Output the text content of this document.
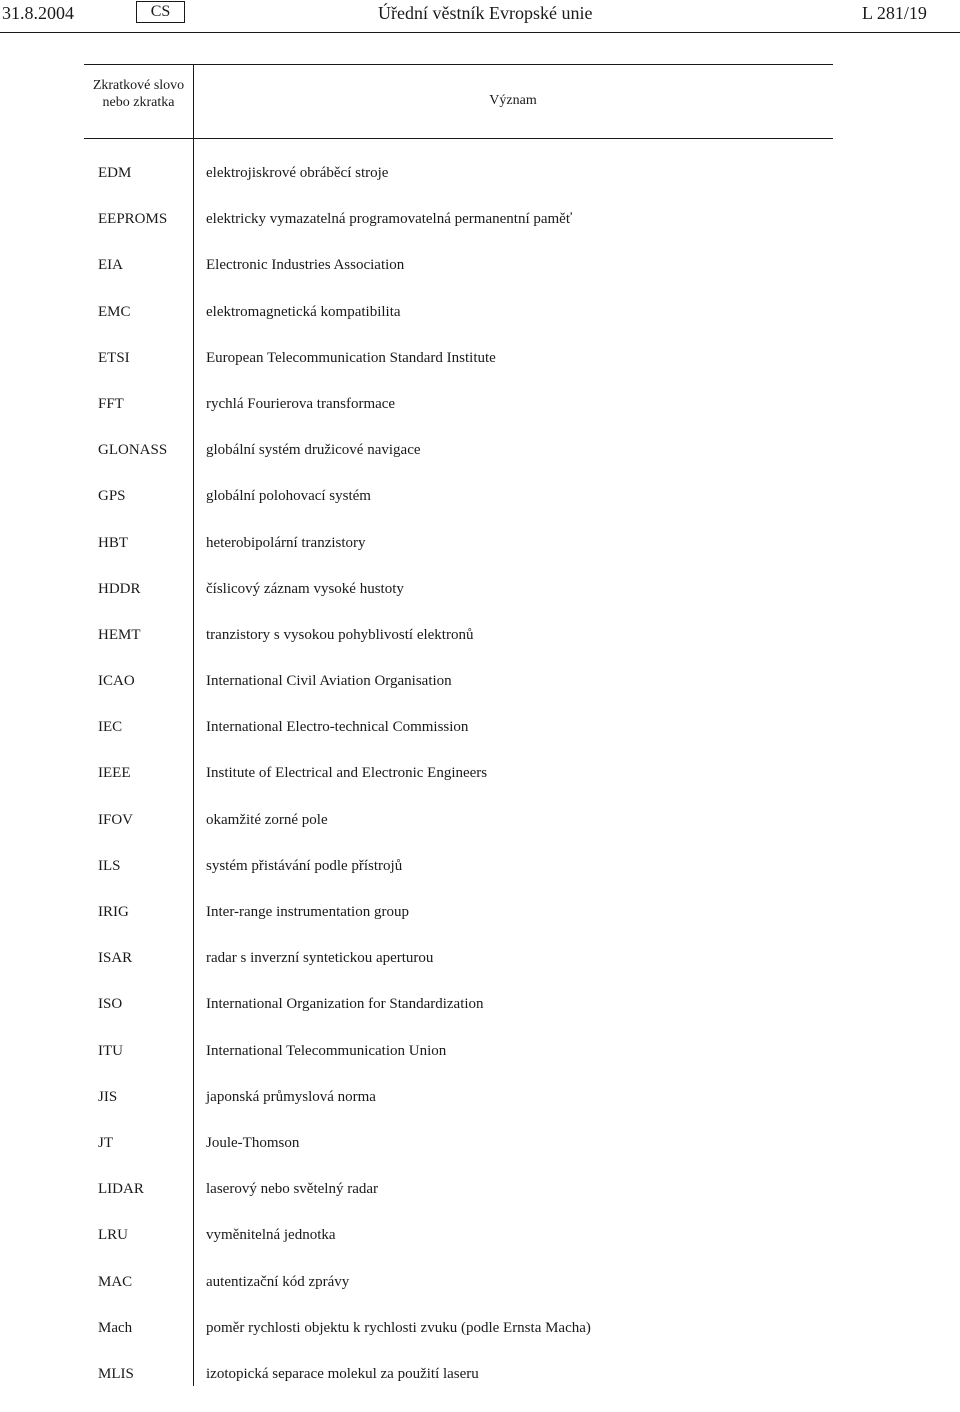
31.8.2004	CS	Úřední věstník Evropské unie	L 281/19
Zkratkové slovo nebo zkratka	Význam
EDM	elektrojiskrové obráběcí stroje
EEPROMS	elektricky vymazatelná programovatelná permanentní paměť
EIA	Electronic Industries Association
EMC	elektromagnetická kompatibilita
ETSI	European Telecommunication Standard Institute
FFT	rychlá Fourierova transformace
GLONASS	globální systém družicové navigace
GPS	globální polohovací systém
HBT	heterobipolární tranzistory
HDDR	číslicový záznam vysoké hustoty
HEMT	tranzistory s vysokou pohyblivostí elektronů
ICAO	International Civil Aviation Organisation
IEC	International Electro-technical Commission
IEEE	Institute of Electrical and Electronic Engineers
IFOV	okamžité zorné pole
ILS	systém přistávání podle přístrojů
IRIG	Inter-range instrumentation group
ISAR	radar s inverzní syntetickou aperturou
ISO	International Organization for Standardization
ITU	International Telecommunication Union
JIS	japonská průmyslová norma
JT	Joule-Thomson
LIDAR	laserový nebo světelný radar
LRU	vyměnitelná jednotka
MAC	autentizační kód zprávy
Mach	poměr rychlosti objektu k rychlosti zvuku (podle Ernsta Macha)
MLIS	izotopická separace molekul za použití laseru
